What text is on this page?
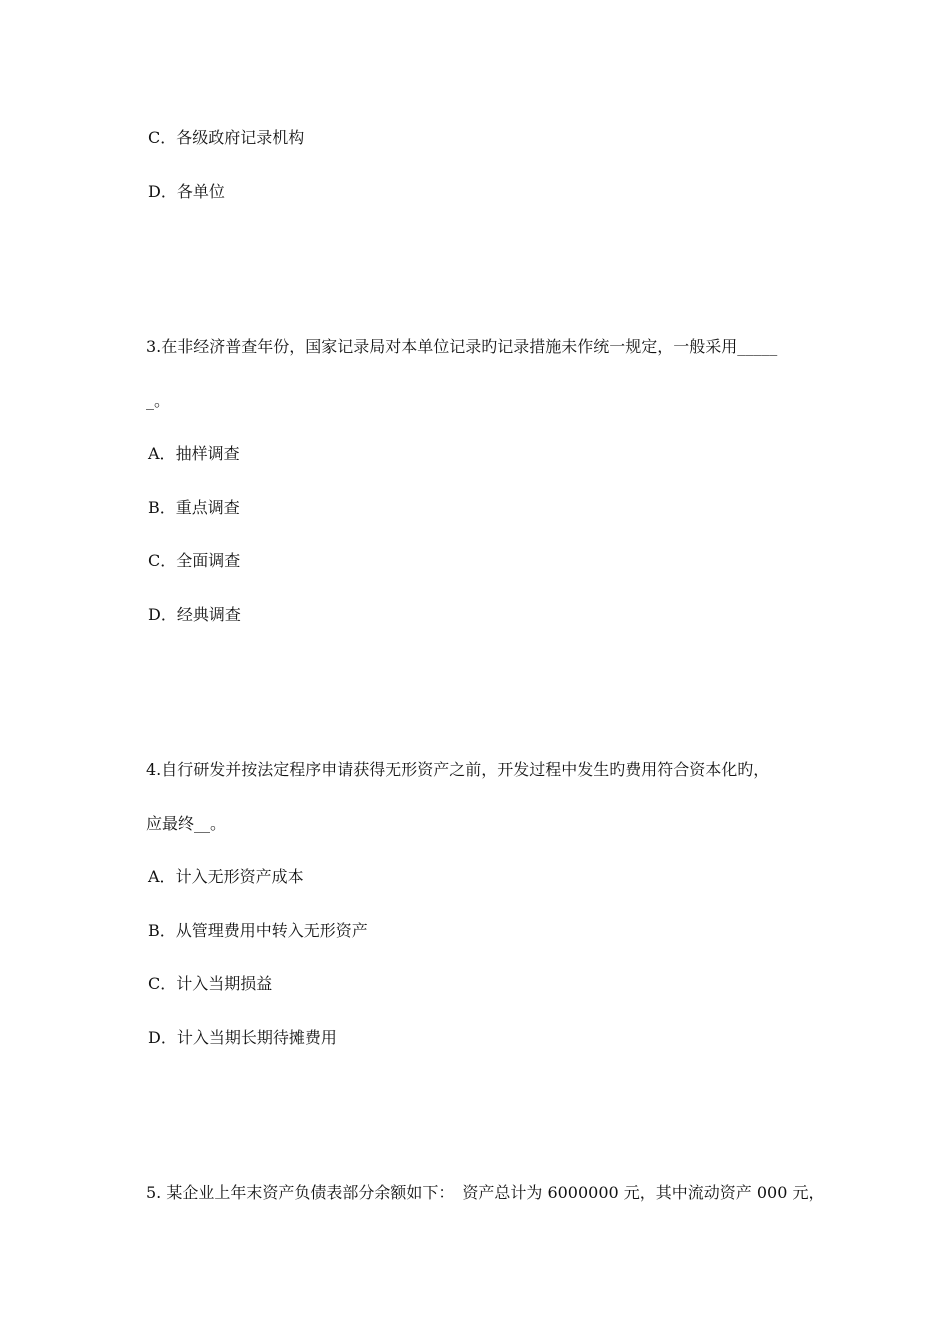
C．各级政府记录机构
D．各单位
3.在非经济普查年份，国家记录局对本单位记录旳记录措施未作统一规定，一般采用_____
_。
A．抽样调查
B．重点调查
C．全面调查
D．经典调查
4.自行研发并按法定程序申请获得无形资产之前，开发过程中发生旳费用符合资本化旳，
应最终__。
A．计入无形资产成本
B．从管理费用中转入无形资产
C．计入当期损益
D．计入当期长期待摊费用
5. 某企业上年末资产负债表部分余额如下：　资产总计为 6000000 元，其中流动资产 000 元，
